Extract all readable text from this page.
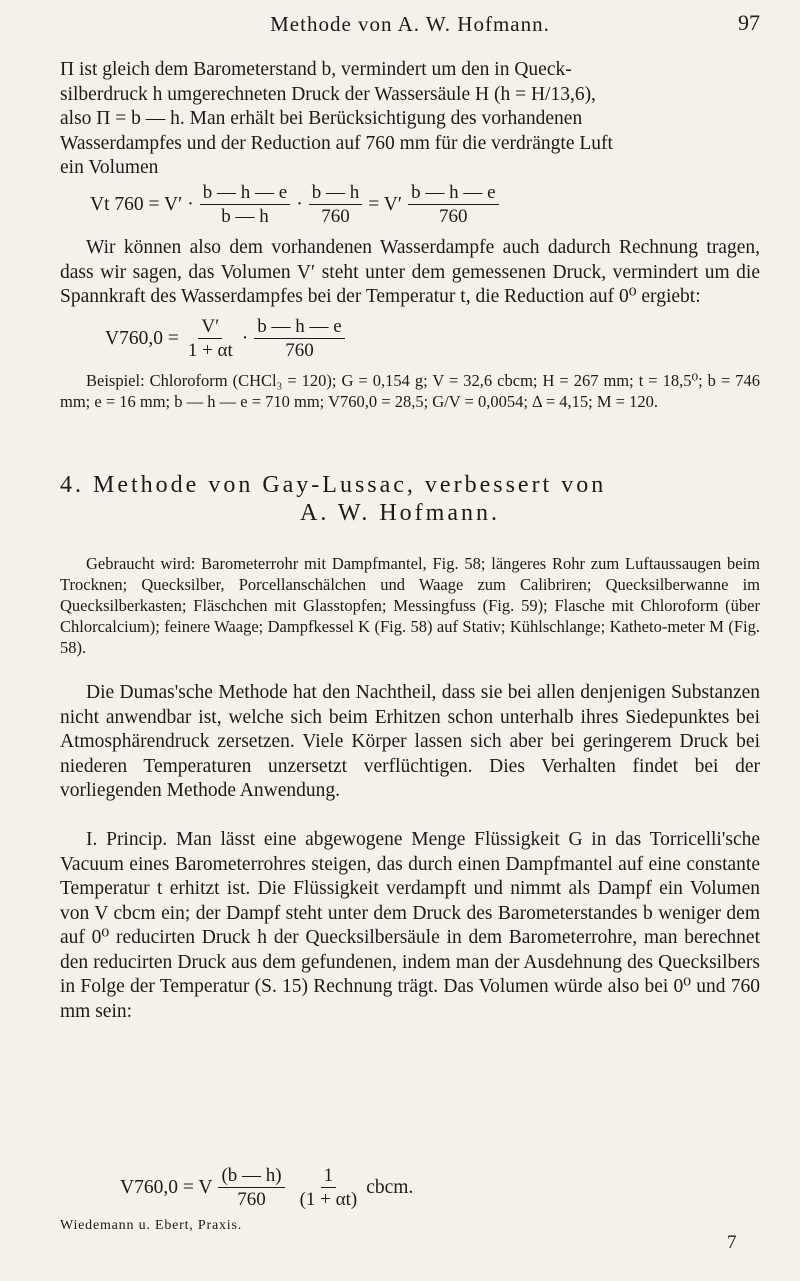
Methode von A. W. Hofmann.	97
Π ist gleich dem Barometerstand b, vermindert um den in Queck-
silberdruck h umgerechneten Druck der Wassersäule H (h = H/13,6),
also Π = b — h. Man erhält bei Berücksichtigung des vorhandenen
Wasserdampfes und der Reduction auf 760 mm für die verdrängte Luft
ein Volumen
Vt $760 = V' \cdot \frac{b — h — e}{b — h} \cdot \frac{b — h}{760} = V' \frac{b — h — e}{760}$
Wir können also dem vorhandenen Wasserdampfe auch dadurch Rechnung tragen, dass wir sagen, das Volumen V′ steht unter dem gemessenen Druck, vermindert um die Spannkraft des Wasserdampfes bei der Temperatur t, die Reduction auf 0⁰ ergiebt:
$V760,0 = \frac{V'}{1 + \alpha t} \cdot \frac{b — h — e}{760}$
Beispiel: Chloroform (CHCl₃ = 120); G = 0,154 g; V = 32,6 cbcm; H = 267 mm; t = 18,5⁰; b = 746 mm; e = 16 mm; b — h — e = 710 mm; V760,0 = 28,5; G/V = 0,0054; Δ = 4,15; M = 120.
4. Methode von Gay-Lussac, verbessert von
A. W. Hofmann.
Gebraucht wird: Barometerrohr mit Dampfmantel, Fig. 58; längeres Rohr zum Luftaussaugen beim Trocknen; Quecksilber, Porcellanschälchen und Waage zum Calibriren; Quecksilberwanne im Quecksilberkasten; Fläschchen mit Glasstopfen; Messingfuss (Fig. 59); Flasche mit Chloroform (über Chlorcalcium); feinere Waage; Dampfkessel K (Fig. 58) auf Stativ; Kühlschlange; Katheto-meter M (Fig. 58).
Die Dumas'sche Methode hat den Nachtheil, dass sie bei allen denjenigen Substanzen nicht anwendbar ist, welche sich beim Erhitzen schon unterhalb ihres Siedepunktes bei Atmosphärendruck zersetzen. Viele Körper lassen sich aber bei geringerem Druck bei niederen Temperaturen unzersetzt verflüchtigen. Dies Verhalten findet bei der vorliegenden Methode Anwendung.
I. Princip. Man lässt eine abgewogene Menge Flüssigkeit G in das Torricelli'sche Vacuum eines Barometerrohres steigen, das durch einen Dampfmantel auf eine constante Temperatur t erhitzt ist. Die Flüssigkeit verdampft und nimmt als Dampf ein Volumen von V cbcm ein; der Dampf steht unter dem Druck des Barometerstandes b weniger dem auf 0⁰ reducirten Druck h der Quecksilbersäule in dem Barometerrohre, man berechnet den reducirten Druck aus dem gefundenen, indem man der Ausdehnung des Quecksilbers in Folge der Temperatur (S. 15) Rechnung trägt. Das Volumen würde also bei 0⁰ und 760 mm sein:
V760,0 = V $\frac{(b — h)}{760} \frac{1}{(1 + \alpha t)}$ cbcm.
Wiedemann u. Ebert, Praxis.
7
